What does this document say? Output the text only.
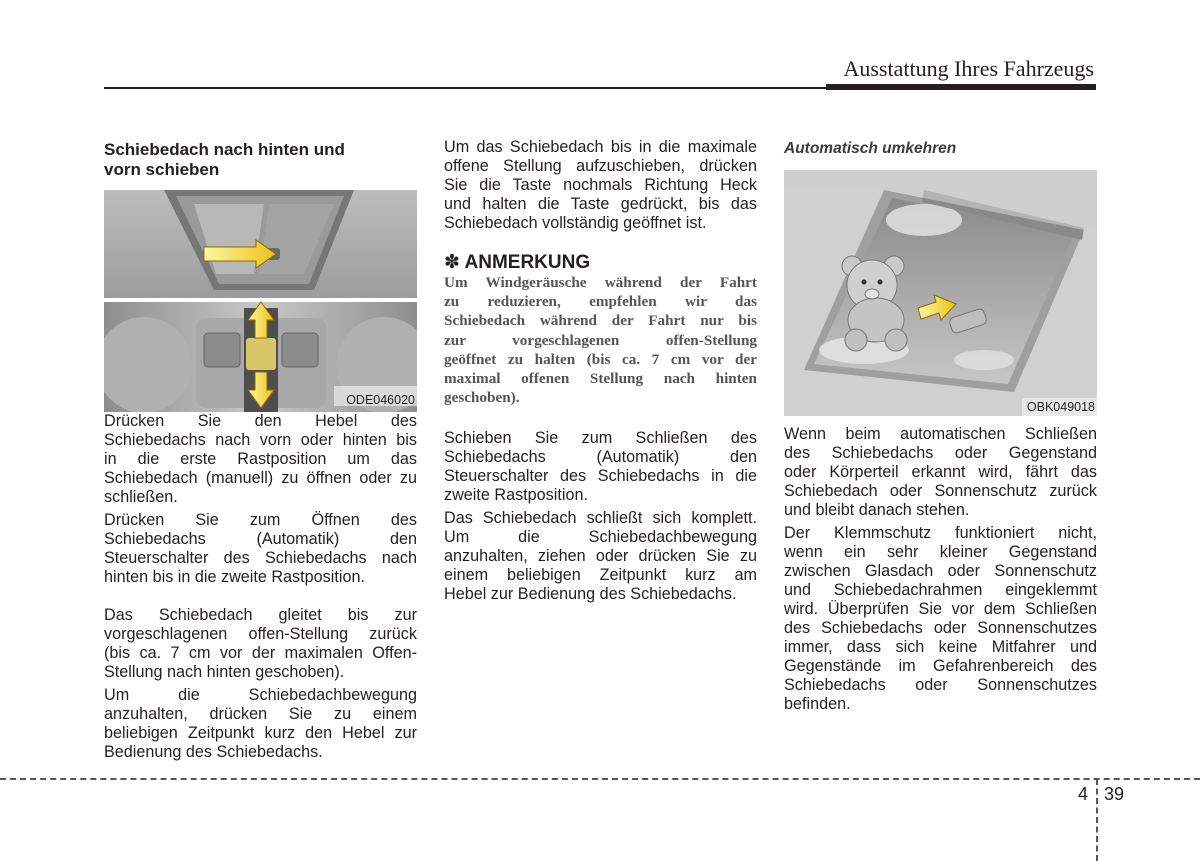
Ausstattung Ihres Fahrzeugs
Schiebedach nach hinten und
vorn schieben
ODE046020

Drücken Sie den Hebel des
Schiebedachs nach vorn oder hinten bis
in die erste Rastposition um das
Schiebedach (manuell) zu öffnen oder zu
schließen.

Drücken Sie zum Öffnen des
Schiebedachs (Automatik) den
Steuerschalter des Schiebedachs nach
hinten bis in die zweite Rastposition.

Das Schiebedach gleitet bis zur
vorgeschlagenen offen-Stellung zurück
(bis ca. 7 cm vor der maximalen Offen-
Stellung nach hinten geschoben).

Um die Schiebedachbewegung
anzuhalten, drücken Sie zu einem
beliebigen Zeitpunkt kurz den Hebel zur
Bedienung des Schiebedachs.

Um das Schiebedach bis in die maximale
offene Stellung aufzuschieben, drücken
Sie die Taste nochmals Richtung Heck
und halten die Taste gedrückt, bis das
Schiebedach vollständig geöffnet ist.

✽ ANMERKUNG
Um Windgeräusche während der Fahrt
zu reduzieren, empfehlen wir das
Schiebedach während der Fahrt nur bis
zur vorgeschlagenen offen-Stellung
geöffnet zu halten (bis ca. 7 cm vor der
maximal offenen Stellung nach hinten
geschoben).

Schieben Sie zum Schließen des
Schiebedachs (Automatik) den
Steuerschalter des Schiebedachs in die
zweite Rastposition.

Das Schiebedach schließt sich komplett.
Um die Schiebedachbewegung
anzuhalten, ziehen oder drücken Sie zu
einem beliebigen Zeitpunkt kurz am
Hebel zur Bedienung des Schiebedachs.

Automatisch umkehren
OBK049018

Wenn beim automatischen Schließen
des Schiebedachs oder Gegenstand
oder Körperteil erkannt wird, fährt das
Schiebedach oder Sonnenschutz zurück
und bleibt danach stehen.

Der Klemmschutz funktioniert nicht,
wenn ein sehr kleiner Gegenstand
zwischen Glasdach oder Sonnenschutz
und Schiebedachrahmen eingeklemmt
wird. Überprüfen Sie vor dem Schließen
des Schiebedachs oder Sonnenschutzes
immer, dass sich keine Mitfahrer und
Gegenstände im Gefahrenbereich des
Schiebedachs oder Sonnenschutzes
befinden.

4 39
